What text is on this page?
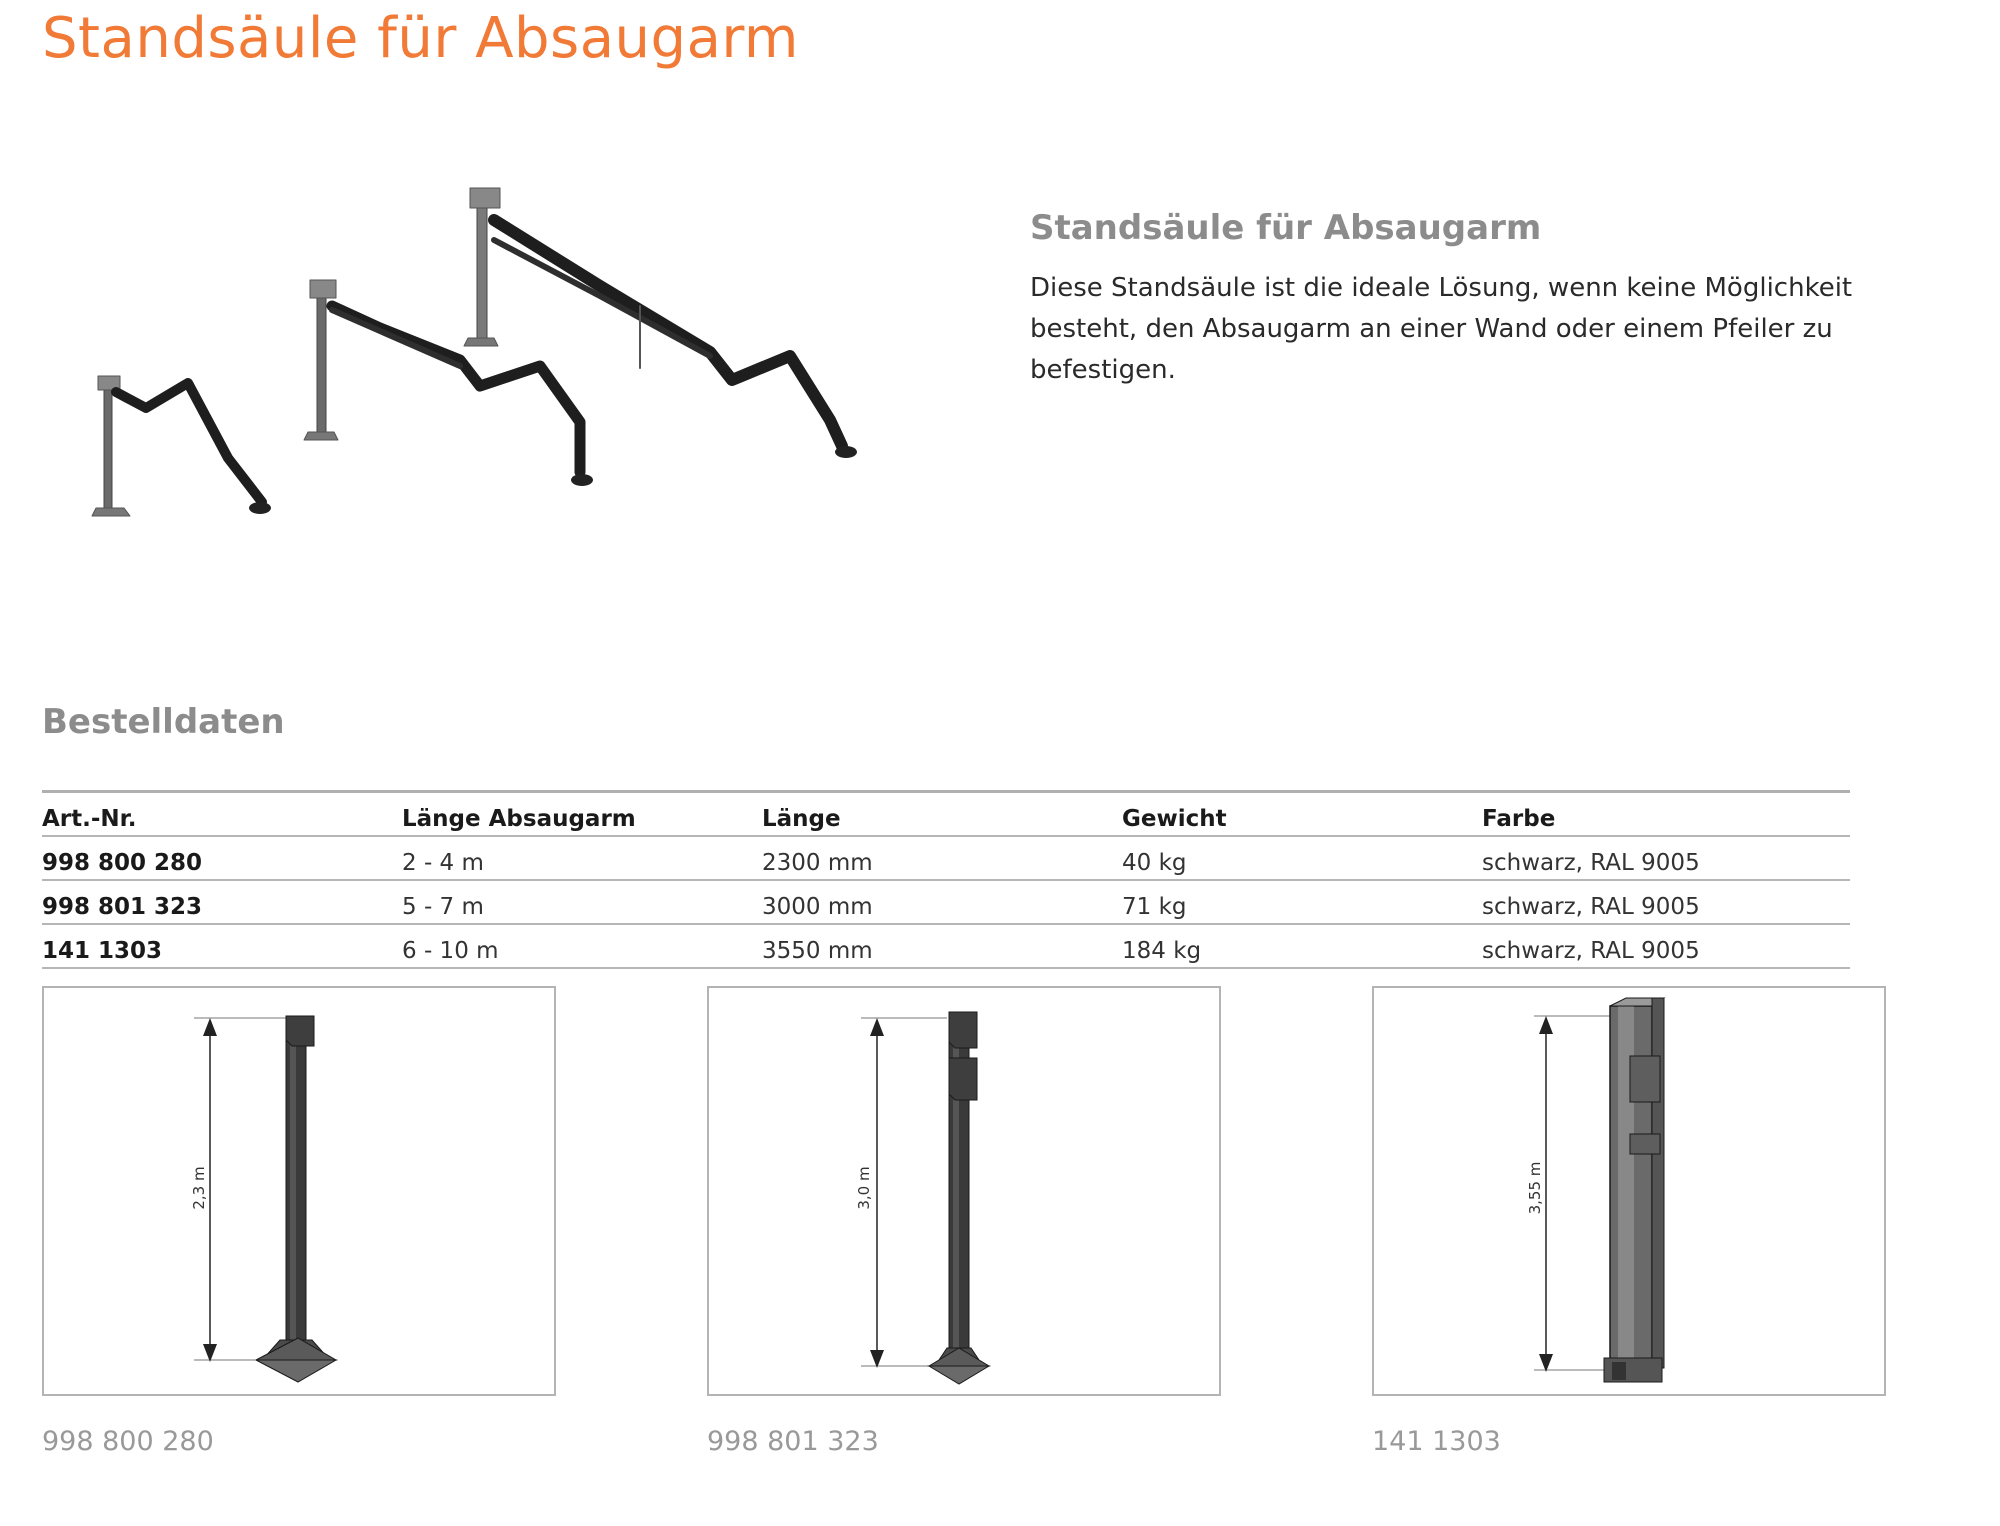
Standsäule für Absaugarm
Standsäule für Absaugarm

Diese Standsäule ist die ideale Lösung, wenn keine Möglichkeit besteht, den Absaugarm an einer Wand oder einem Pfeiler zu befestigen.

Bestelldaten
Art.-Nr.	Länge Absaugarm	Länge	Gewicht	Farbe
998 800 280	2 - 4 m	2300 mm	40 kg	schwarz, RAL 9005
998 801 323	5 - 7 m	3000 mm	71 kg	schwarz, RAL 9005
141 1303	6 - 10 m	3550 mm	184 kg	schwarz, RAL 9005
2,3 m
998 800 280
3,0 m
998 801 323
3,55 m
141 1303
